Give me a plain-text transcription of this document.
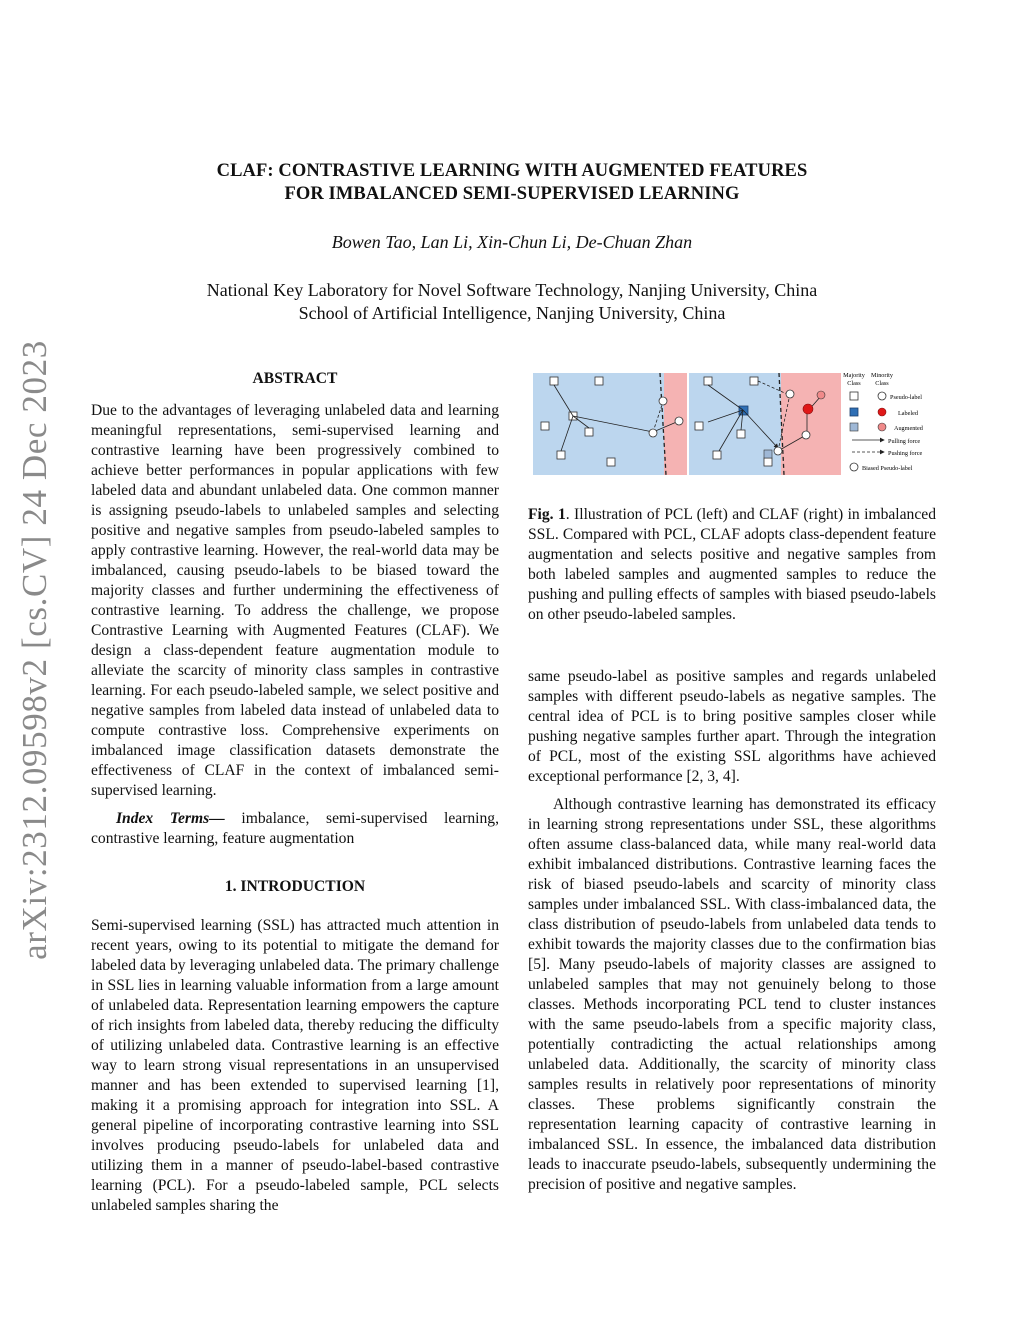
arXiv:2312.09598v2 [cs.CV] 24 Dec 2023
CLAF: CONTRASTIVE LEARNING WITH AUGMENTED FEATURES
FOR IMBALANCED SEMI-SUPERVISED LEARNING
Bowen Tao, Lan Li, Xin-Chun Li, De-Chuan Zhan
National Key Laboratory for Novel Software Technology, Nanjing University, China
School of Artificial Intelligence, Nanjing University, China
ABSTRACT

Due to the advantages of leveraging unlabeled data and learning meaningful representations, semi-supervised learning and contrastive learning have been progressively combined to achieve better performances in popular applications with few labeled data and abundant unlabeled data. One common manner is assigning pseudo-labels to unlabeled samples and selecting positive and negative samples from pseudo-labeled samples to apply contrastive learning. However, the real-world data may be imbalanced, causing pseudo-labels to be biased toward the majority classes and further undermining the effectiveness of contrastive learning. To address the challenge, we propose Contrastive Learning with Augmented Features (CLAF). We design a class-dependent feature augmentation module to alleviate the scarcity of minority class samples in contrastive learning. For each pseudo-labeled sample, we select positive and negative samples from labeled data instead of unlabeled data to compute contrastive loss. Comprehensive experiments on imbalanced image classification datasets demonstrate the effectiveness of CLAF in the context of imbalanced semi-supervised learning.

Index Terms— imbalance, semi-supervised learning, contrastive learning, feature augmentation

1. INTRODUCTION

Semi-supervised learning (SSL) has attracted much attention in recent years, owing to its potential to mitigate the demand for labeled data by leveraging unlabeled data. The primary challenge in SSL lies in learning valuable information from a large amount of unlabeled data. Representation learning empowers the capture of rich insights from labeled data, thereby reducing the difficulty of utilizing unlabeled data. Contrastive learning is an effective way to learn strong visual representations in an unsupervised manner and has been extended to supervised learning [1], making it a promising approach for integration into SSL. A general pipeline of incorporating contrastive learning into SSL involves producing pseudo-labels for unlabeled data and utilizing them in a manner of pseudo-label-based contrastive learning (PCL). For a pseudo-labeled sample, PCL selects unlabeled samples sharing the

Majority Minority
Class Class
Pseudo-label
Labeled
Augmented
Pulling force
Pushing force
Biased Pseudo-label
Fig. 1. Illustration of PCL (left) and CLAF (right) in imbalanced SSL. Compared with PCL, CLAF adopts class-dependent feature augmentation and selects positive and negative samples from both labeled samples and augmented samples to reduce the pushing and pulling effects of samples with biased pseudo-labels on other pseudo-labeled samples.

same pseudo-label as positive samples and regards unlabeled samples with different pseudo-labels as negative samples. The central idea of PCL is to bring positive samples closer while pushing negative samples further apart. Through the integration of PCL, most of the existing SSL algorithms have achieved exceptional performance [2, 3, 4].

Although contrastive learning has demonstrated its efficacy in learning strong representations under SSL, these algorithms often assume class-balanced data, while many real-world data exhibit imbalanced distributions. Contrastive learning faces the risk of biased pseudo-labels and scarcity of minority class samples under imbalanced SSL. With class-imbalanced data, the class distribution of pseudo-labels from unlabeled data tends to exhibit towards the majority classes due to the confirmation bias [5]. Many pseudo-labels of majority classes are assigned to unlabeled samples that may not genuinely belong to those classes. Methods incorporating PCL tend to cluster instances with the same pseudo-labels from a specific majority class, potentially contradicting the actual relationships among unlabeled data. Additionally, the scarcity of minority class samples results in relatively poor representations of minority classes. These problems significantly constrain the representation learning capacity of contrastive learning in imbalanced SSL. In essence, the imbalanced data distribution leads to inaccurate pseudo-labels, subsequently undermining the precision of positive and negative samples.
